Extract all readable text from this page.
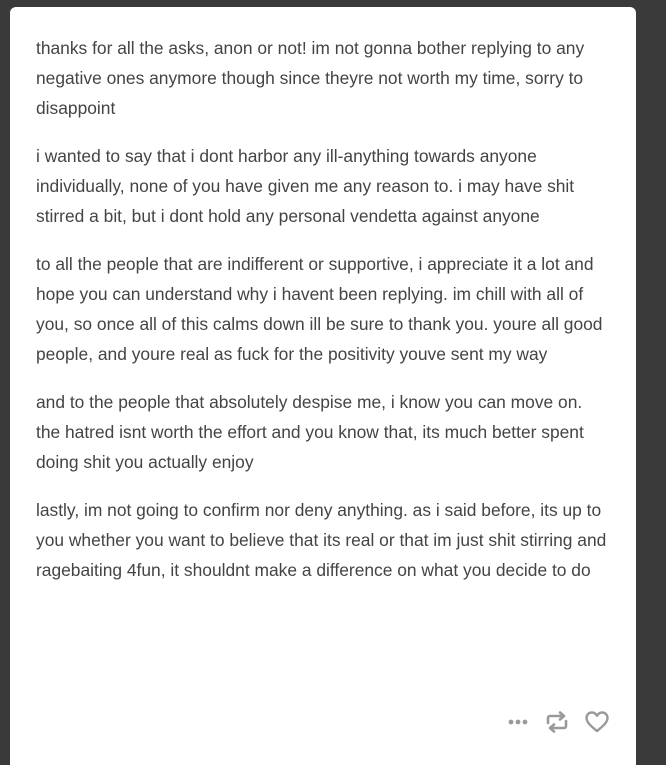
thanks for all the asks, anon or not! im not gonna bother replying to any negative ones anymore though since theyre not worth my time, sorry to disappoint

i wanted to say that i dont harbor any ill-anything towards anyone individually, none of you have given me any reason to. i may have shit stirred a bit, but i dont hold any personal vendetta against anyone

to all the people that are indifferent or supportive, i appreciate it a lot and hope you can understand why i havent been replying. im chill with all of you, so once all of this calms down ill be sure to thank you. youre all good people, and youre real as fuck for the positivity youve sent my way

and to the people that absolutely despise me, i know you can move on. the hatred isnt worth the effort and you know that, its much better spent doing shit you actually enjoy

lastly, im not going to confirm nor deny anything. as i said before, its up to you whether you want to believe that its real or that im just shit stirring and ragebaiting 4fun, it shouldnt make a difference on what you decide to do
